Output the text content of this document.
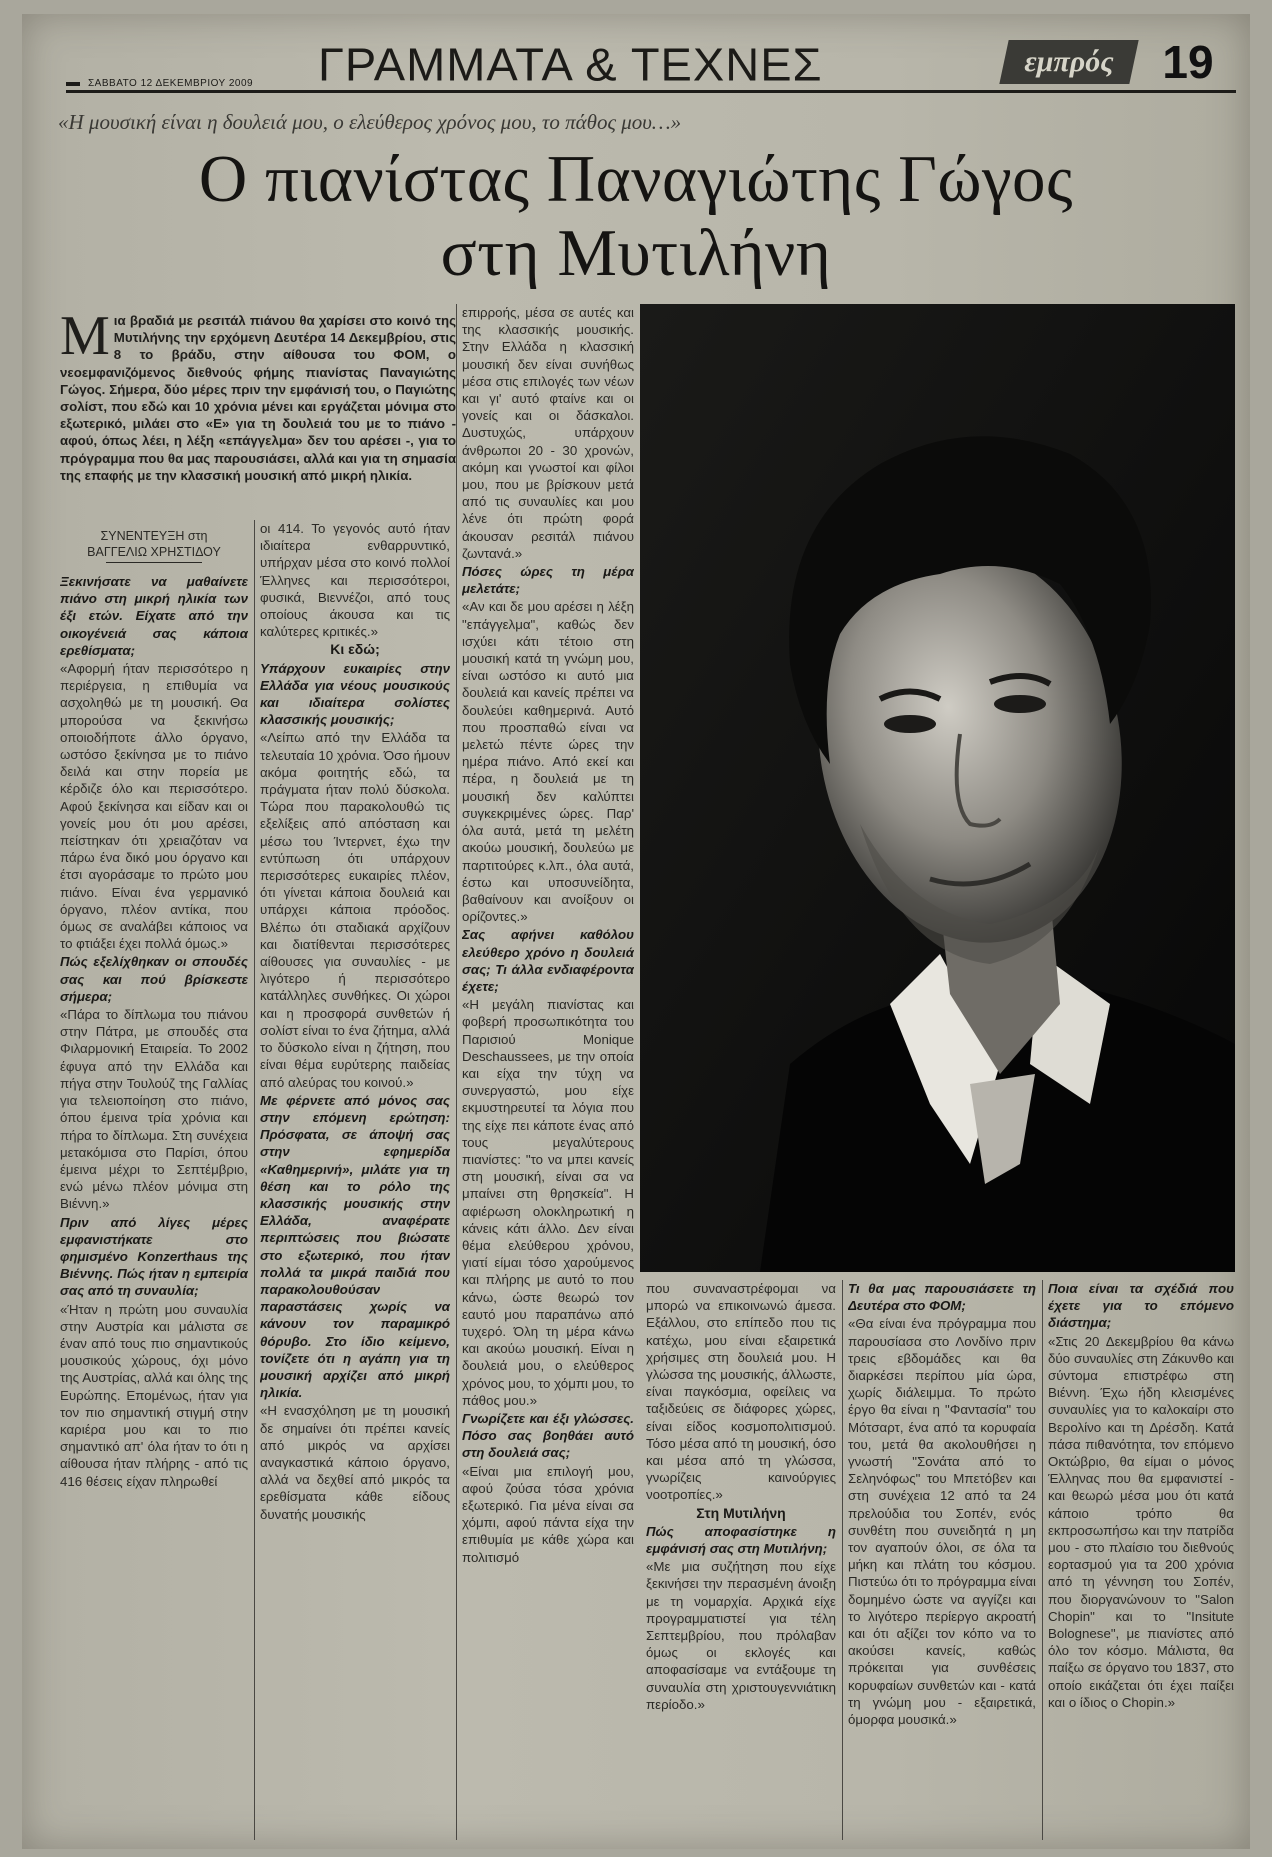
ΣΑΒΒΑΤΟ 12 ΔΕΚΕΜΒΡΙΟΥ 2009 ΓΡΑΜΜΑΤΑ & ΤΕΧΝΕΣ	εμπρός	19
«Η μουσική είναι η δουλειά μου, ο ελεύθερος χρόνος μου, το πάθος μου…»
Ο πιανίστας Παναγιώτης Γώγος
στη Μυτιλήνη
Μια βραδιά με ρεσιτάλ πιάνου θα χαρίσει στο κοινό της Μυτιλήνης την ερχόμενη Δευτέρα 14 Δεκεμβρίου, στις 8 το βράδυ, στην αίθουσα του ΦΟΜ, ο νεοεμφανιζόμενος διεθνούς φήμης πιανίστας Παναγιώτης Γώγος. Σήμερα, δύο μέρες πριν την εμφάνισή του, ο Παγιώτης σολίστ, που εδώ και 10 χρόνια μένει και εργάζεται μόνιμα στο εξωτερικό, μιλάει στο «Ε» για τη δουλειά του με το πιάνο - αφού, όπως λέει, η λέξη «επάγγελμα» δεν του αρέσει -, για το πρόγραμμα που θα μας παρουσιάσει, αλλά και για τη σημασία της επαφής με την κλασσική μουσική από μικρή ηλικία.
ΣΥΝΕΝΤΕΥΞΗ στη
ΒΑΓΓΕΛΙΩ ΧΡΗΣΤΙΔΟΥ

Ξεκινήσατε να μαθαίνετε πιάνο στη μικρή ηλικία των έξι ετών. Είχατε από την οικογένειά σας κάποια ερεθίσματα;

«Αφορμή ήταν περισσότερο η περιέργεια, η επιθυμία να ασχοληθώ με τη μουσική. Θα μπορούσα να ξεκινήσω οποιοδήποτε άλλο όργανο, ωστόσο ξεκίνησα με το πιάνο δειλά και στην πορεία με κέρδιζε όλο και περισσότερο. Αφού ξεκίνησα και είδαν και οι γονείς μου ότι μου αρέσει, πείστηκαν ότι χρειαζόταν να πάρω ένα δικό μου όργανο και έτσι αγοράσαμε το πρώτο μου πιάνο. Είναι ένα γερμανικό όργανο, πλέον αντίκα, που όμως σε αναλάβει κάποιος να το φτιάξει έχει πολλά όμως.»

Πώς εξελίχθηκαν οι σπουδές σας και πού βρίσκεστε σήμερα;

«Πάρα το δίπλωμα του πιάνου στην Πάτρα, με σπουδές στα Φιλαρμονική Εταιρεία. Το 2002 έφυγα από την Ελλάδα και πήγα στην Τουλούζ της Γαλλίας για τελειοποίηση στο πιάνο, όπου έμεινα τρία χρόνια και πήρα το δίπλωμα. Στη συνέχεια μετακόμισα στο Παρίσι, όπου έμεινα μέχρι το Σεπτέμβριο, ενώ μένω πλέον μόνιμα στη Βιέννη.»

Πριν από λίγες μέρες εμφανιστήκατε στο φημισμένο Konzerthaus της Βιέννης. Πώς ήταν η εμπειρία σας από τη συναυλία;

«Ήταν η πρώτη μου συναυλία στην Αυστρία και μάλιστα σε έναν από τους πιο σημαντικούς μουσικούς χώρους, όχι μόνο της Αυστρίας, αλλά και όλης της Ευρώπης. Επομένως, ήταν για τον πιο σημαντική στιγμή στην καριέρα μου και το πιο σημαντικό απ' όλα ήταν το ότι η αίθουσα ήταν πλήρης - από τις 416 θέσεις είχαν πληρωθεί

οι 414. Το γεγονός αυτό ήταν ιδιαίτερα ενθαρρυντικό, υπήρχαν μέσα στο κοινό πολλοί Έλληνες και περισσότεροι, φυσικά, Βιεννέζοι, από τους οποίους άκουσα και τις καλύτερες κριτικές.»

Κι εδώ;

Υπάρχουν ευκαιρίες στην Ελλάδα για νέους μουσικούς και ιδιαίτερα σολίστες κλασσικής μουσικής;

«Λείπω από την Ελλάδα τα τελευταία 10 χρόνια. Όσο ήμουν ακόμα φοιτητής εδώ, τα πράγματα ήταν πολύ δύσκολα. Τώρα που παρακολουθώ τις εξελίξεις από απόσταση και μέσω του Ίντερνετ, έχω την εντύπωση ότι υπάρχουν περισσότερες ευκαιρίες πλέον, ότι γίνεται κάποια δουλειά και υπάρχει κάποια πρόοδος. Βλέπω ότι σταδιακά αρχίζουν και διατίθενται περισσότερες αίθουσες για συναυλίες - με λιγότερο ή περισσότερο κατάλληλες συνθήκες. Οι χώροι και η προσφορά συνθετών ή σολίστ είναι το ένα ζήτημα, αλλά το δύσκολο είναι η ζήτηση, που είναι θέμα ευρύτερης παιδείας από αλεύρας του κοινού.»

Με φέρνετε από μόνος σας στην επόμενη ερώτηση: Πρόσφατα, σε άποψή σας στην εφημερίδα «Καθημερινή», μιλάτε για τη θέση και το ρόλο της κλασσικής μουσικής στην Ελλάδα, αναφέρατε περιπτώσεις που βιώσατε στο εξωτερικό, που ήταν πολλά τα μικρά παιδιά που παρακολουθούσαν παραστάσεις χωρίς να κάνουν τον παραμικρό θόρυβο. Στο ίδιο κείμενο, τονίζετε ότι η αγάπη για τη μουσική αρχίζει από μικρή ηλικία.

«Η ενασχόληση με τη μουσική δε σημαίνει ότι πρέπει κανείς από μικρός να αρχίσει αναγκαστικά κάποιο όργανο, αλλά να δεχθεί από μικρός τα ερεθίσματα κάθε είδους δυνατής μουσικής

επιρροής, μέσα σε αυτές και της κλασσικής μουσικής. Στην Ελλάδα η κλασσική μουσική δεν είναι συνήθως μέσα στις επιλογές των νέων και γι' αυτό φταίνε και οι γονείς και οι δάσκαλοι. Δυστυχώς, υπάρχουν άνθρωποι 20 - 30 χρονών, ακόμη και γνωστοί και φίλοι μου, που με βρίσκουν μετά από τις συναυλίες και μου λένε ότι πρώτη φορά άκουσαν ρεσιτάλ πιάνου ζωντανά.»

Πόσες ώρες τη μέρα μελετάτε;

«Αν και δε μου αρέσει η λέξη "επάγγελμα", καθώς δεν ισχύει κάτι τέτοιο στη μουσική κατά τη γνώμη μου, είναι ωστόσο κι αυτό μια δουλειά και κανείς πρέπει να δουλεύει καθημερινά. Αυτό που προσπαθώ είναι να μελετώ πέντε ώρες την ημέρα πιάνο. Από εκεί και πέρα, η δουλειά με τη μουσική δεν καλύπτει συγκεκριμένες ώρες. Παρ' όλα αυτά, μετά τη μελέτη ακούω μουσική, δουλεύω με παρτιτούρες κ.λπ., όλα αυτά, έστω και υποσυνείδητα, βαθαίνουν και ανοίξουν οι ορίζοντες.»

Σας αφήνει καθόλου ελεύθερο χρόνο η δουλειά σας; Τι άλλα ενδιαφέροντα έχετε;

«Η μεγάλη πιανίστας και φοβερή προσωπικότητα του Παρισιού Monique Deschaussees, με την οποία και είχα την τύχη να συνεργαστώ, μου είχε εκμυστηρευτεί τα λόγια που της είχε πει κάποτε ένας από τους μεγαλύτερους πιανίστες: "το να μπει κανείς στη μουσική, είναι σα να μπαίνει στη θρησκεία". Η αφιέρωση ολοκληρωτική η κάνεις κάτι άλλο. Δεν είναι θέμα ελεύθερου χρόνου, γιατί είμαι τόσο χαρούμενος και πλήρης με αυτό το που κάνω, ώστε θεωρώ τον εαυτό μου παραπάνω από τυχερό. Όλη τη μέρα κάνω και ακούω μουσική. Είναι η δουλειά μου, ο ελεύθερος χρόνος μου, το χόμπι μου, το πάθος μου.»

Γνωρίζετε και έξι γλώσσες. Πόσο σας βοηθάει αυτό στη δουλειά σας;

«Είναι μια επιλογή μου, αφού ζούσα τόσα χρόνια εξωτερικό. Για μένα είναι σα χόμπι, αφού πάντα είχα την επιθυμία με κάθε χώρα και πολιτισμό

που συναναστρέφομαι να μπορώ να επικοινωνώ άμεσα. Εξάλλου, στο επίπεδο που τις κατέχω, μου είναι εξαιρετικά χρήσιμες στη δουλειά μου. Η γλώσσα της μουσικής, άλλωστε, είναι παγκόσμια, οφείλεις να ταξιδεύεις σε διάφορες χώρες, είναι είδος κοσμοπολιτισμού. Τόσο μέσα από τη μουσική, όσο και μέσα από τη γλώσσα, γνωρίζεις καινούργιες νοοτροπίες.»

Στη Μυτιλήνη

Πώς αποφασίστηκε η εμφάνισή σας στη Μυτιλήνη;

«Με μια συζήτηση που είχε ξεκινήσει την περασμένη άνοιξη με τη νομαρχία. Αρχικά είχε προγραμματιστεί για τέλη Σεπτεμβρίου, που πρόλαβαν όμως οι εκλογές και αποφασίσαμε να εντάξουμε τη συναυλία στη χριστουγεννιάτικη περίοδο.»

Τι θα μας παρουσιάσετε τη Δευτέρα στο ΦΟΜ;

«Θα είναι ένα πρόγραμμα που παρουσίασα στο Λονδίνο πριν τρεις εβδομάδες και θα διαρκέσει περίπου μία ώρα, χωρίς διάλειμμα. Το πρώτο έργο θα είναι η "Φαντασία" του Μότσαρτ, ένα από τα κορυφαία του, μετά θα ακολουθήσει η γνωστή "Σονάτα από το Σεληνόφως" του Μπετόβεν και στη συνέχεια 12 από τα 24 πρελούδια του Σοπέν, ενός συνθέτη που συνειδητά η μη τον αγαπούν όλοι, σε όλα τα μήκη και πλάτη του κόσμου. Πιστεύω ότι το πρόγραμμα είναι δομημένο ώστε να αγγίζει και το λιγότερο περίεργο ακροατή και ότι αξίζει τον κόπο να το ακούσει κανείς, καθώς πρόκειται για συνθέσεις κορυφαίων συνθετών και - κατά τη γνώμη μου - εξαιρετικά, όμορφα μουσικά.»

Ποια είναι τα σχέδιά που έχετε για το επόμενο διάστημα;

«Στις 20 Δεκεμβρίου θα κάνω δύο συναυλίες στη Ζάκυνθο και σύντομα επιστρέφω στη Βιέννη. Έχω ήδη κλεισμένες συναυλίες για το καλοκαίρι στο Βερολίνο και τη Δρέσδη. Κατά πάσα πιθανότητα, τον επόμενο Οκτώβριο, θα είμαι ο μόνος Έλληνας που θα εμφανιστεί - και θεωρώ μέσα μου ότι κατά κάποιο τρόπο θα εκπροσωπήσω και την πατρίδα μου - στο πλαίσιο του διεθνούς εορτασμού για τα 200 χρόνια από τη γέννηση του Σοπέν, που διοργανώνουν το "Salon Chopin" και το "Insitute Bolognese", με πιανίστες από όλο τον κόσμο. Μάλιστα, θα παίξω σε όργανο του 1837, στο οποίο εικάζεται ότι έχει παίξει και ο ίδιος ο Chopin.»
